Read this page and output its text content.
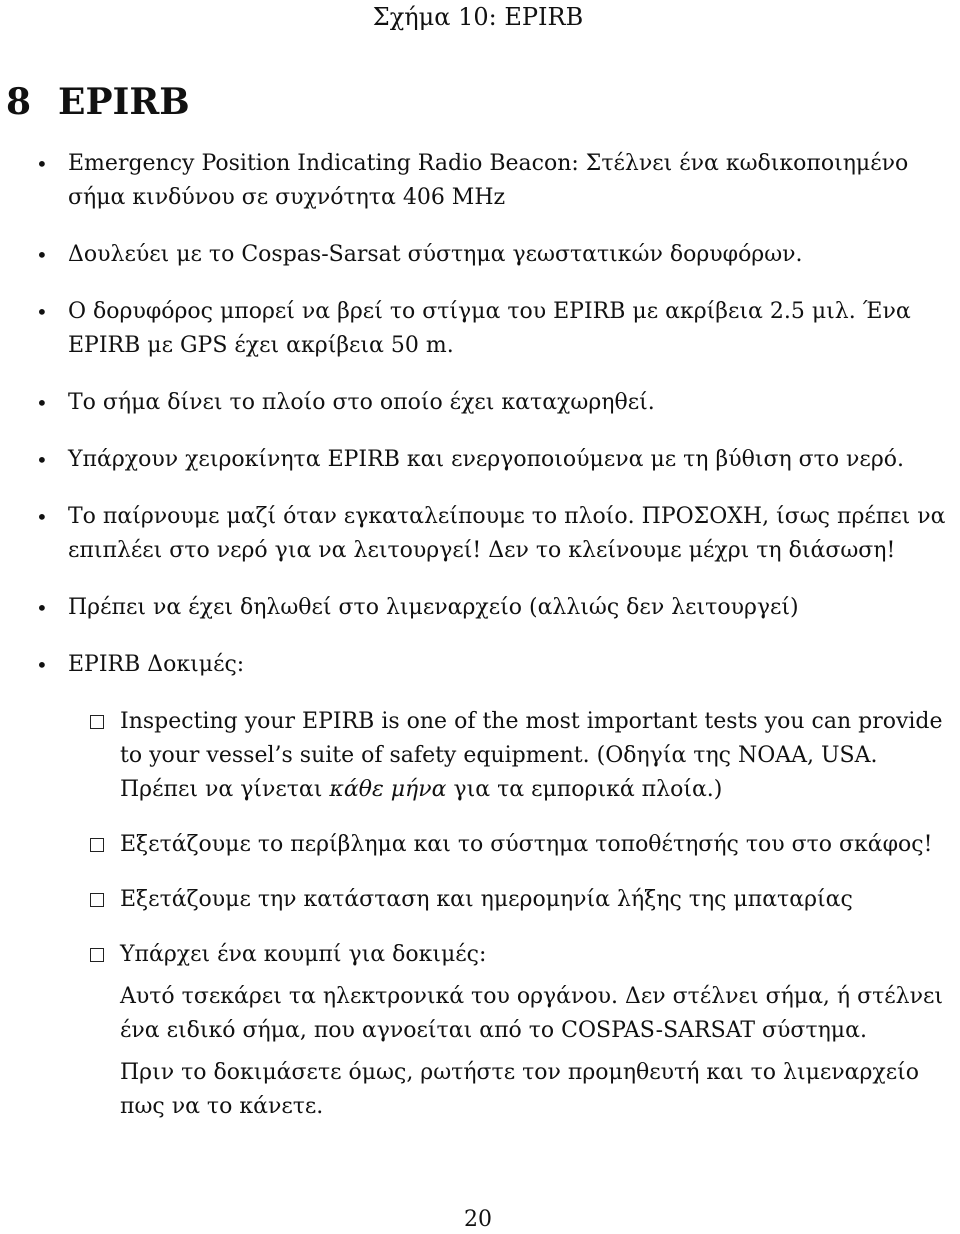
Σχήμα 10: EPIRB
8 EPIRB
• Emergency Position Indicating Radio Beacon: Στέλνει ένα κωδικοποιημένο σήμα κινδύνου σε συχνότητα 406 MHz
• Δουλεύει με το Cospas-Sarsat σύστημα γεωστατικών δορυφόρων.
• Ο δορυφόρος μπορεί να βρεί το στίγμα του EPIRB με ακρίβεια 2.5 μιλ. Ένα EPIRB με GPS έχει ακρίβεια 50 m.
• Το σήμα δίνει το πλοίο στο οποίο έχει καταχωρηθεί.
• Υπάρχουν χειροκίνητα EPIRB και ενεργοποιούμενα με τη βύθιση στο νερό.
• Το παίρνουμε μαζί όταν εγκαταλείπουμε το πλοίο. ΠΡΟΣΟΧΗ, ίσως πρέπει να επιπλέει στο νερό για να λειτουργεί! Δεν το κλείνουμε μέχρι τη διάσωση!
• Πρέπει να έχει δηλωθεί στο λιμεναρχείο (αλλιώς δεν λειτουργεί)
• EPIRB Δοκιμές:
Inspecting your EPIRB is one of the most important tests you can provide to your vessel’s suite of safety equipment. (Οδηγία της NOAA, USA. Πρέπει να γίνεται κάθε μήνα για τα εμπορικά πλοία.)
Εξετάζουμε το περίβλημα και το σύστημα τοποθέτησής του στο σκάφος!
Εξετάζουμε την κατάσταση και ημερομηνία λήξης της μπαταρίας
Υπάρχει ένα κουμπί για δοκιμές:

Αυτό τσεκάρει τα ηλεκτρονικά του οργάνου. Δεν στέλνει σήμα, ή στέλνει ένα ειδικό σήμα, που αγνοείται από το COSPAS-SARSAT σύστημα.

Πριν το δοκιμάσετε όμως, ρωτήστε τον προμηθευτή και το λιμεναρχείο πως να το κάνετε.

20
